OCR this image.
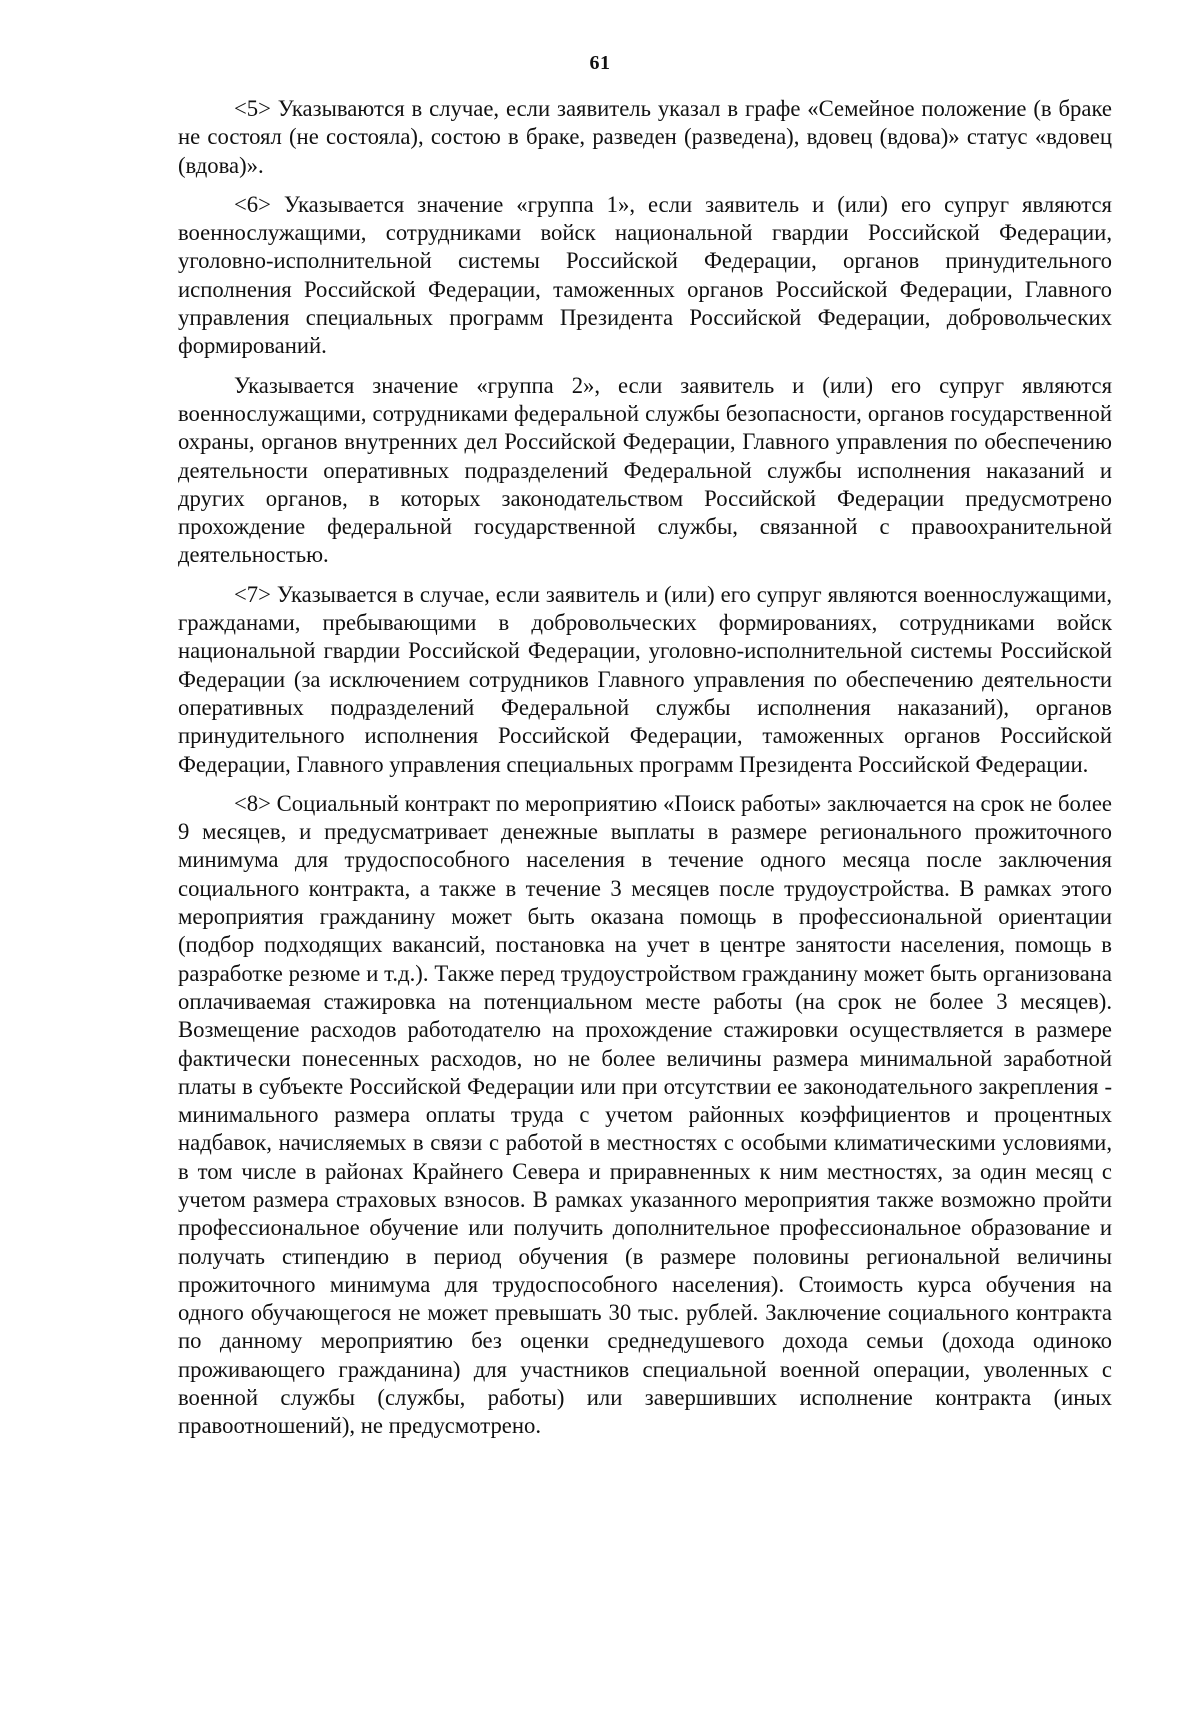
61

<5> Указываются в случае, если заявитель указал в графе «Семейное положение (в браке не состоял (не состояла), состою в браке, разведен (разведена), вдовец (вдова)» статус «вдовец (вдова)».

<6> Указывается значение «группа 1», если заявитель и (или) его супруг являются военнослужащими, сотрудниками войск национальной гвардии Российской Федерации, уголовно-исполнительной системы Российской Федерации, органов принудительного исполнения Российской Федерации, таможенных органов Российской Федерации, Главного управления специальных программ Президента Российской Федерации, добровольческих формирований.

Указывается значение «группа 2», если заявитель и (или) его супруг являются военнослужащими, сотрудниками федеральной службы безопасности, органов государственной охраны, органов внутренних дел Российской Федерации, Главного управления по обеспечению деятельности оперативных подразделений Федеральной службы исполнения наказаний и других органов, в которых законодательством Российской Федерации предусмотрено прохождение федеральной государственной службы, связанной с правоохранительной деятельностью.

<7> Указывается в случае, если заявитель и (или) его супруг являются военнослужащими, гражданами, пребывающими в добровольческих формированиях, сотрудниками войск национальной гвардии Российской Федерации, уголовно-исполнительной системы Российской Федерации (за исключением сотрудников Главного управления по обеспечению деятельности оперативных подразделений Федеральной службы исполнения наказаний), органов принудительного исполнения Российской Федерации, таможенных органов Российской Федерации, Главного управления специальных программ Президента Российской Федерации.

<8> Социальный контракт по мероприятию «Поиск работы» заключается на срок не более 9 месяцев, и предусматривает денежные выплаты в размере регионального прожиточного минимума для трудоспособного населения в течение одного месяца после заключения социального контракта, а также в течение 3 месяцев после трудоустройства. В рамках этого мероприятия гражданину может быть оказана помощь в профессиональной ориентации (подбор подходящих вакансий, постановка на учет в центре занятости населения, помощь в разработке резюме и т.д.). Также перед трудоустройством гражданину может быть организована оплачиваемая стажировка на потенциальном месте работы (на срок не более 3 месяцев). Возмещение расходов работодателю на прохождение стажировки осуществляется в размере фактически понесенных расходов, но не более величины размера минимальной заработной платы в субъекте Российской Федерации или при отсутствии ее законодательного закрепления - минимального размера оплаты труда с учетом районных коэффициентов и процентных надбавок, начисляемых в связи с работой в местностях с особыми климатическими условиями, в том числе в районах Крайнего Севера и приравненных к ним местностях, за один месяц с учетом размера страховых взносов. В рамках указанного мероприятия также возможно пройти профессиональное обучение или получить дополнительное профессиональное образование и получать стипендию в период обучения (в размере половины региональной величины прожиточного минимума для трудоспособного населения). Стоимость курса обучения на одного обучающегося не может превышать 30 тыс. рублей. Заключение социального контракта по данному мероприятию без оценки среднедушевого дохода семьи (дохода одиноко проживающего гражданина) для участников специальной военной операции, уволенных с военной службы (службы, работы) или завершивших исполнение контракта (иных правоотношений), не предусмотрено.
